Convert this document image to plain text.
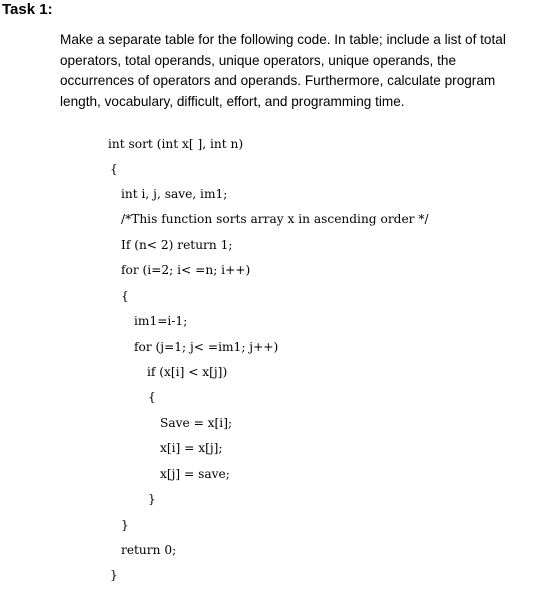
Task 1:
Make a separate table for the following code. In table; include a list of total operators, total operands, unique operators, unique operands, the occurrences of operators and operands. Furthermore, calculate program length, vocabulary, difficult, effort, and programming time.
int sort (int x[ ], int n)
{
int i, j, save, im1;
/*This function sorts array x in ascending order */
If (n< 2) return 1;
for (i=2; i< =n; i++)
{
im1=i-1;
for (j=1; j< =im1; j++)
if (x[i] < x[j])
{
Save = x[i];
x[i] = x[j];
x[j] = save;
}
}
return 0;
}
